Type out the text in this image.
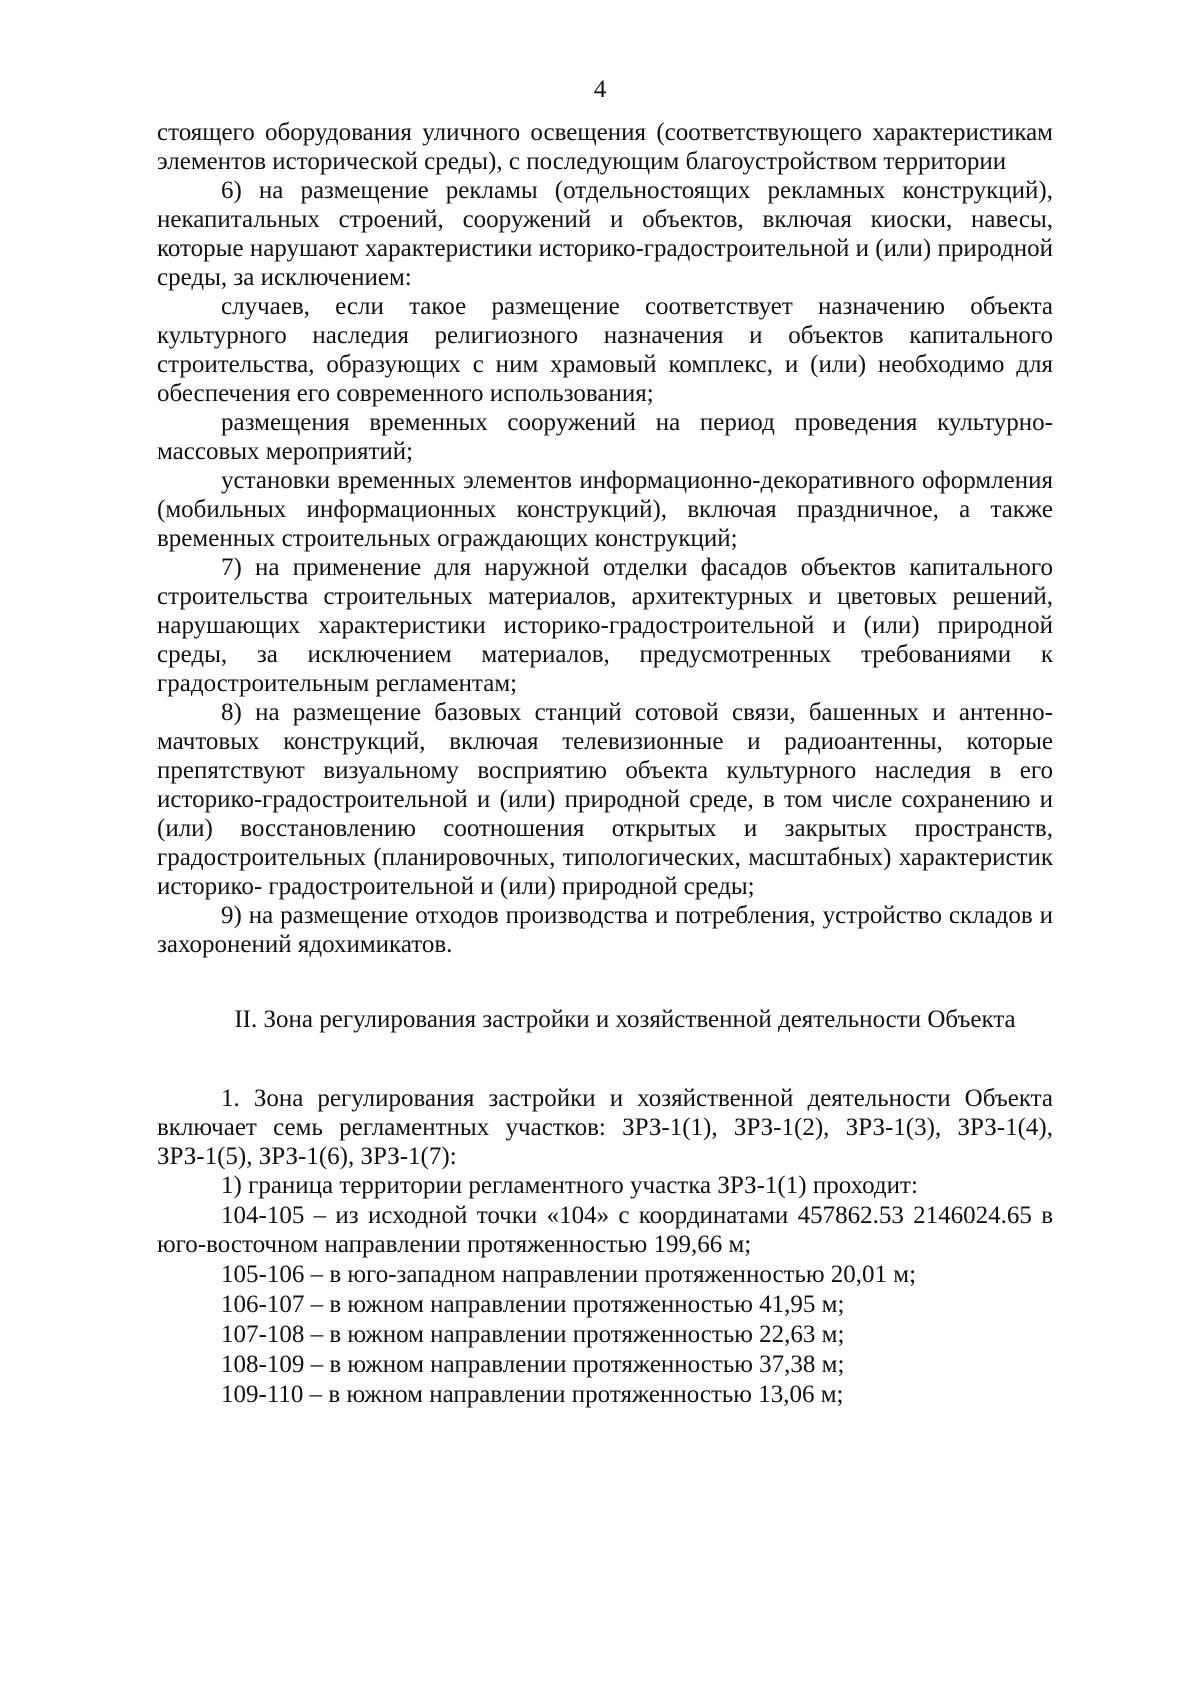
4

стоящего оборудования уличного освещения (соответствующего характеристикам элементов исторической среды), с последующим благоустройством территории

6) на размещение рекламы (отдельностоящих рекламных конструкций), некапитальных строений, сооружений и объектов, включая киоски, навесы, которые нарушают характеристики историко-градостроительной и (или) природной среды, за исключением:

случаев, если такое размещение соответствует назначению объекта культурного наследия религиозного назначения и объектов капитального строительства, образующих с ним храмовый комплекс, и (или) необходимо для обеспечения его современного использования;

размещения временных сооружений на период проведения культурно-массовых мероприятий;

установки временных элементов информационно-декоративного оформления (мобильных информационных конструкций), включая праздничное, а также временных строительных ограждающих конструкций;

7) на применение для наружной отделки фасадов объектов капитального строительства строительных материалов, архитектурных и цветовых решений, нарушающих характеристики историко-градостроительной и (или) природной среды, за исключением материалов, предусмотренных требованиями к градостроительным регламентам;

8) на размещение базовых станций сотовой связи, башенных и антенно-мачтовых конструкций, включая телевизионные и радиоантенны, которые препятствуют визуальному восприятию объекта культурного наследия в его историко-градостроительной и (или) природной среде, в том числе сохранению и (или) восстановлению соотношения открытых и закрытых пространств, градостроительных (планировочных, типологических, масштабных) характеристик историко- градостроительной и (или) природной среды;

9) на размещение отходов производства и потребления, устройство складов и захоронений ядохимикатов.

II. Зона регулирования застройки и хозяйственной деятельности Объекта

1. Зона регулирования застройки и хозяйственной деятельности Объекта включает семь регламентных участков: ЗРЗ-1(1), ЗРЗ-1(2), ЗРЗ-1(3), ЗРЗ-1(4), ЗРЗ-1(5), ЗРЗ-1(6), ЗРЗ-1(7):

1) граница территории регламентного участка ЗРЗ-1(1) проходит:

104-105 – из исходной точки «104» с координатами 457862.53 2146024.65 в юго-восточном направлении протяженностью 199,66 м;

105-106 – в юго-западном направлении протяженностью 20,01 м;

106-107 – в южном направлении протяженностью 41,95 м;

107-108 – в южном направлении протяженностью 22,63 м;

108-109 – в южном направлении протяженностью 37,38 м;

109-110 – в южном направлении протяженностью 13,06 м;
